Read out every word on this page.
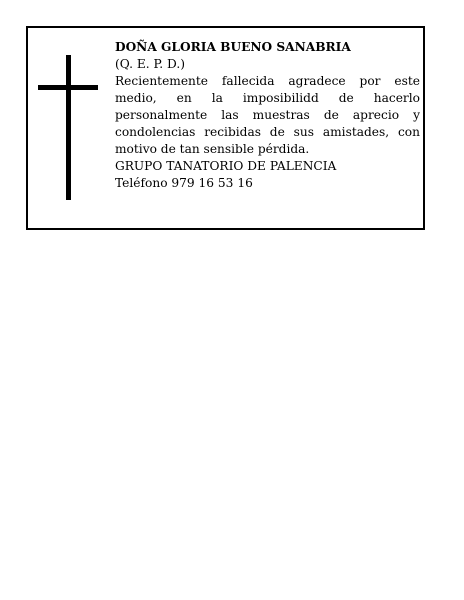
DOÑA GLORIA BUENO SANABRIA
(Q. E. P. D.)
Recientemente fallecida agradece por este medio, en la imposibilidd de hacerlo personalmente las muestras de aprecio y condolencias recibidas de sus amistades, con motivo de tan sensible pérdida.
GRUPO TANATORIO DE PALENCIA
Teléfono 979 16 53 16
